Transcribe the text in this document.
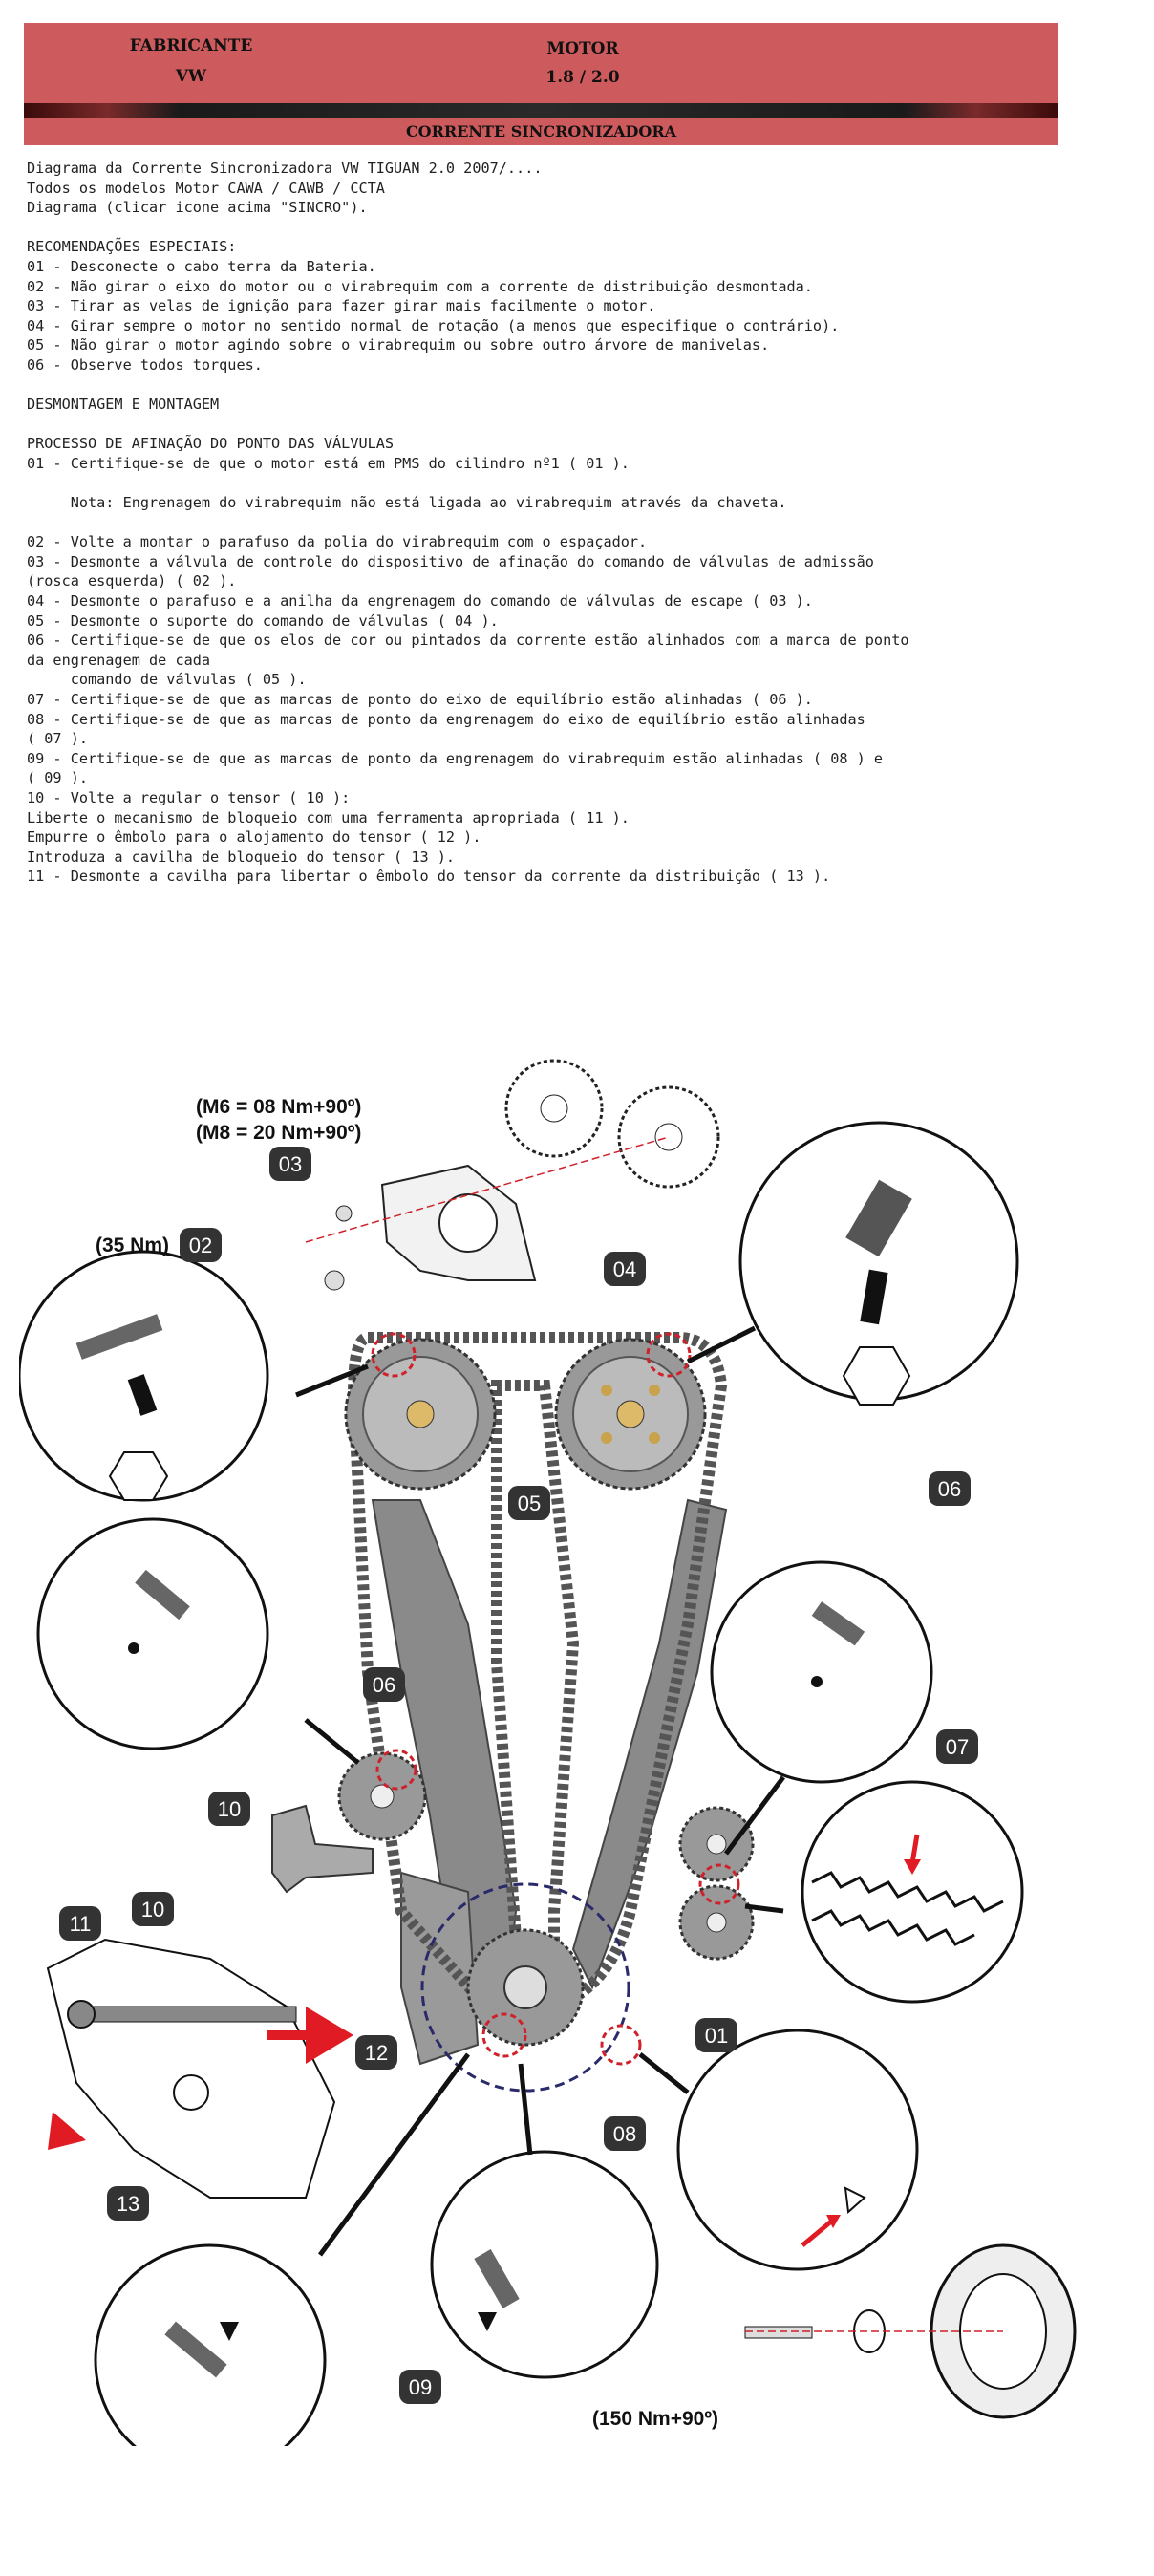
FABRICANTE
VW
MOTOR
1.8 / 2.0
CORRENTE SINCRONIZADORA

Diagrama da Corrente Sincronizadora VW TIGUAN 2.0 2007/....

Todos os modelos Motor CAWA / CAWB / CCTA

Diagrama (clicar icone acima "SINCRO").

RECOMENDAÇÕES ESPECIAIS:

01 - Desconecte o cabo terra da Bateria.

02 - Não girar o eixo do motor ou o virabrequim com a corrente de distribuição desmontada.

03 - Tirar as velas de ignição para fazer girar mais facilmente o motor.

04 - Girar sempre o motor no sentido normal de rotação (a menos que especifique o contrário).

05 - Não girar o motor agindo sobre o virabrequim ou sobre outro árvore de manivelas.

06 - Observe todos torques.

DESMONTAGEM E MONTAGEM

PROCESSO DE AFINAÇÃO DO PONTO DAS VÁLVULAS

01 - Certifique-se de que o motor está em PMS do cilindro nº1 ( 01 ).

Nota: Engrenagem do virabrequim não está ligada ao virabrequim através da chaveta.

02 - Volte a montar o parafuso da polia do virabrequim com o espaçador.

03 - Desmonte a válvula de controle do dispositivo de afinação do comando de válvulas de admissão

(rosca esquerda) ( 02 ).

04 - Desmonte o parafuso e a anilha da engrenagem do comando de válvulas de escape ( 03 ).

05 - Desmonte o suporte do comando de válvulas ( 04 ).

06 - Certifique-se de que os elos de cor ou pintados da corrente estão alinhados com a marca de ponto

da engrenagem de cada

comando de válvulas ( 05 ).

07 - Certifique-se de que as marcas de ponto do eixo de equilíbrio estão alinhadas ( 06 ).

08 - Certifique-se de que as marcas de ponto da engrenagem do eixo de equilíbrio estão alinhadas

( 07 ).

09 - Certifique-se de que as marcas de ponto da engrenagem do virabrequim estão alinhadas ( 08 ) e

( 09 ).

10 - Volte a regular o tensor ( 10 ):

Liberte o mecanismo de bloqueio com uma ferramenta apropriada ( 11 ).

Empurre o êmbolo para o alojamento do tensor ( 12 ).

Introduza a cavilha de bloqueio do tensor ( 13 ).

11 - Desmonte a cavilha para libertar o êmbolo do tensor da corrente da distribuição ( 13 ).

(M6 = 08 Nm+90º)
(M8 = 20 Nm+90º)
(35 Nm)
(150 Nm+90º)
01
02
03
04
05
06
06
07
08
09
10
10
11
12
13
